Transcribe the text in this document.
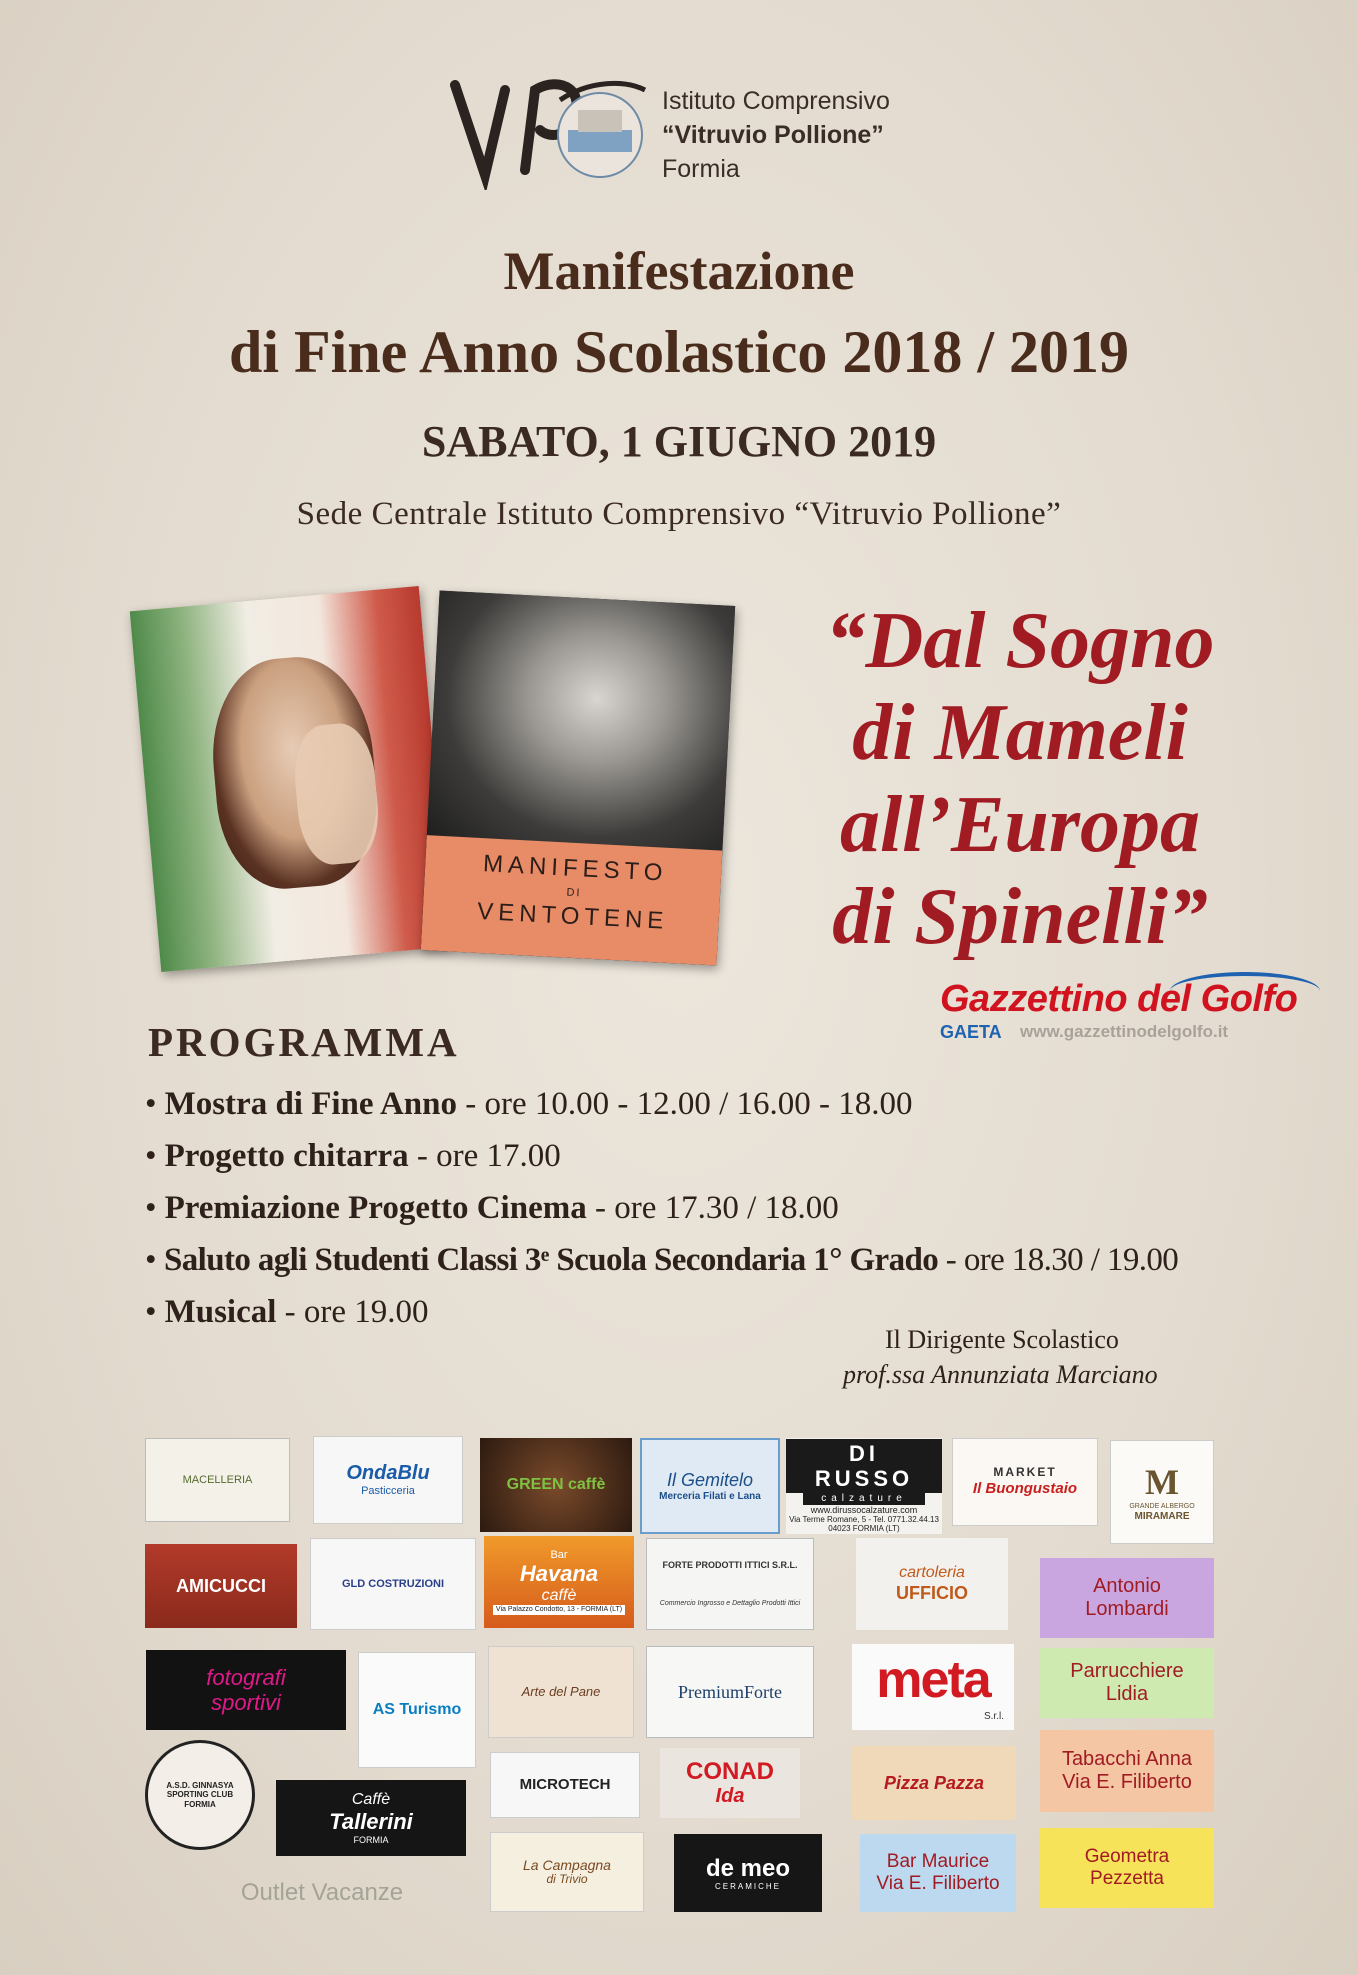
Istituto Comprensivo
“Vitruvio Pollione”
Formia
Manifestazione
di Fine Anno Scolastico 2018 / 2019
SABATO, 1 GIUGNO 2019
Sede Centrale Istituto Comprensivo “Vitruvio Pollione”
MANIFESTO
DI
VENTOTENE
“Dal Sogno
di Mameli
all’Europa
di Spinelli”
Gazzettino del Golfo
GAETA www.gazzettinodelgolfo.it
PROGRAMMA
• Mostra di Fine Anno - ore 10.00 - 12.00 / 16.00 - 18.00
• Progetto chitarra - ore 17.00
• Premiazione Progetto Cinema - ore 17.30 / 18.00
• Saluto agli Studenti Classi 3ᵉ Scuola Secondaria 1° Grado - ore 18.30 / 19.00
• Musical - ore 19.00
Il Dirigente Scolastico
prof.ssa Annunziata Marciano
MACELLERIA	OndaBlu
Pasticceria	GREEN caffè	Il Gemitelo
Merceria Filati e Lana
DI RUSSO
calzature
www.dirussocalzature.com
Via Terme Romane, 5 - Tel. 0771.32.44.13
04023 FORMIA (LT)
MARKET
Il Buongustaio M
GRANDE ALBERGO
MIRAMARE
AMICUCCI	GLD COSTRUZIONI
Bar
Havana
caffè
Via Palazzo Condotto, 13 - FORMIA (LT)
FORTE PRODOTTI ITTICI S.R.L.
Commercio Ingrosso e Dettaglio Prodotti Ittici
cartoleria
UFFICIO	Antonio
Lombardi
fotografi
sportivi	AS Turismo
Arte del Pane	PremiumForte meta
S.r.l.
Parrucchiere
Lidia
A.S.D. GINNASYA SPORTING CLUB
FORMIA	Caffè
Tallerini
FORMIA
MICROTECH
CONAD
Ida
Pizza Pazza
Tabacchi Anna
Via E. Filiberto
Outlet Vacanze
La Campagna
di Trivio	de meo
CERAMICHE
Bar Maurice
Via E. Filiberto
Geometra
Pezzetta
